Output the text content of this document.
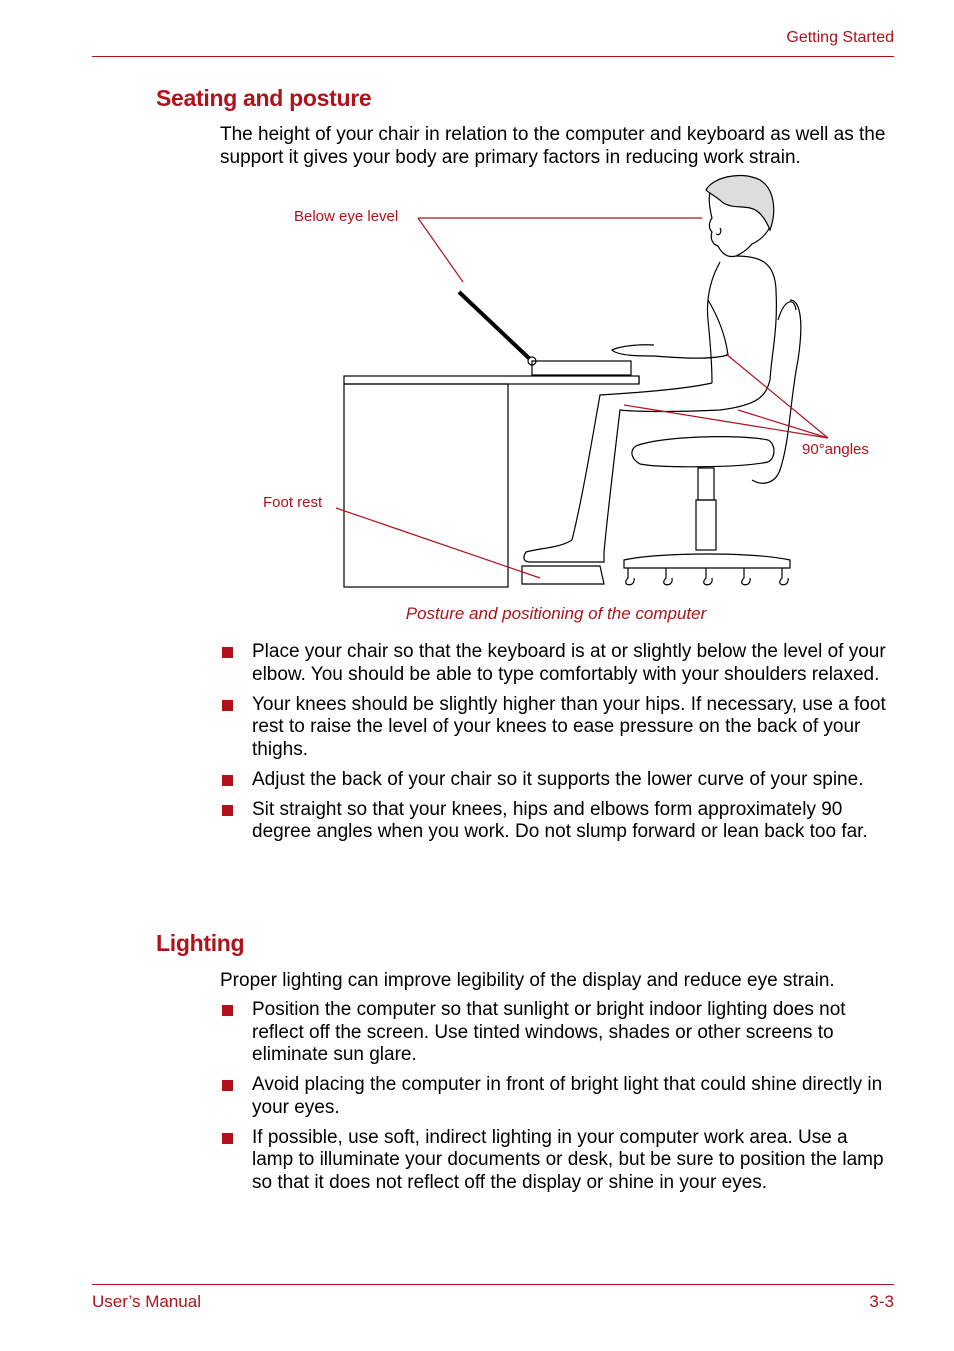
Getting Started
Seating and posture

The height of your chair in relation to the computer and keyboard as well as the support it gives your body are primary factors in reducing work strain.

Below eye level
90°angles
Foot rest
Posture and positioning of the computer
Place your chair so that the keyboard is at or slightly below the level of your elbow. You should be able to type comfortably with your shoulders relaxed.
Your knees should be slightly higher than your hips. If necessary, use a foot rest to raise the level of your knees to ease pressure on the back of your thighs.
Adjust the back of your chair so it supports the lower curve of your spine.
Sit straight so that your knees, hips and elbows form approximately 90 degree angles when you work. Do not slump forward or lean back too far.
Lighting

Proper lighting can improve legibility of the display and reduce eye strain.

Position the computer so that sunlight or bright indoor lighting does not reflect off the screen. Use tinted windows, shades or other screens to eliminate sun glare.
Avoid placing the computer in front of bright light that could shine directly in your eyes.
If possible, use soft, indirect lighting in your computer work area. Use a lamp to illuminate your documents or desk, but be sure to position the lamp so that it does not reflect off the display or shine in your eyes.
User’s Manual	3-3
